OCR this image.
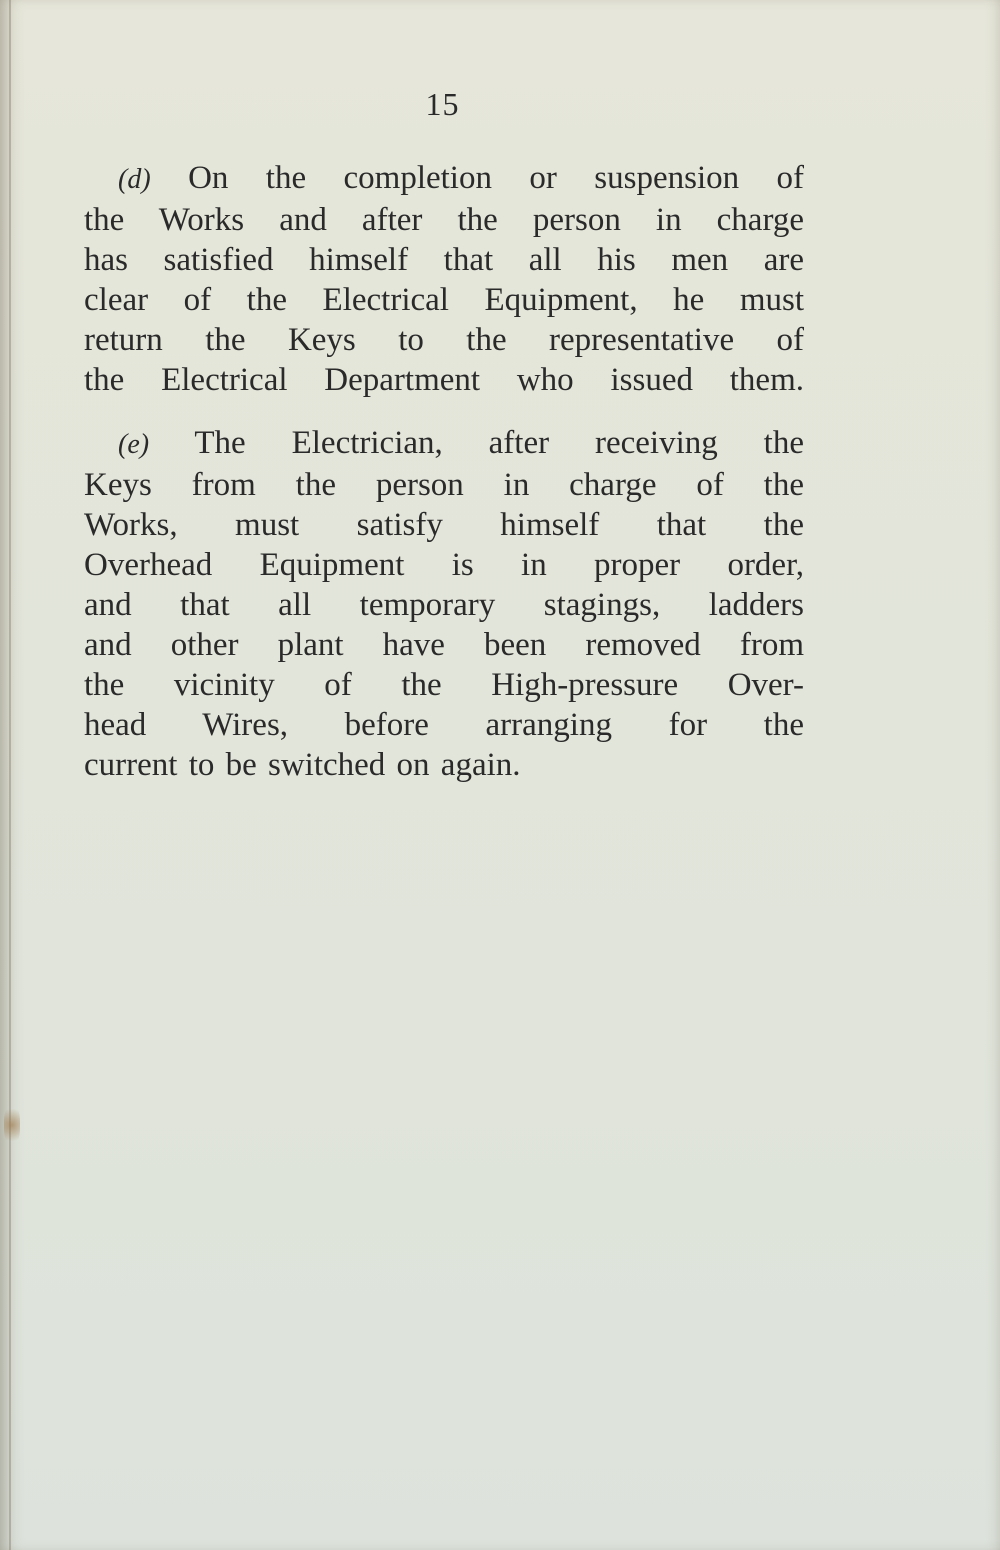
15

(d) On the completion or suspension of
the Works and after the person in charge
has satisfied himself that all his men are
clear of the Electrical Equipment, he must
return the Keys to the representative of
the Electrical Department who issued them.

(e) The Electrician, after receiving the
Keys from the person in charge of the
Works, must satisfy himself that the
Overhead Equipment is in proper order,
and that all temporary stagings, ladders
and other plant have been removed from
the vicinity of the High-pressure Over-
head Wires, before arranging for the
current to be switched on again.
